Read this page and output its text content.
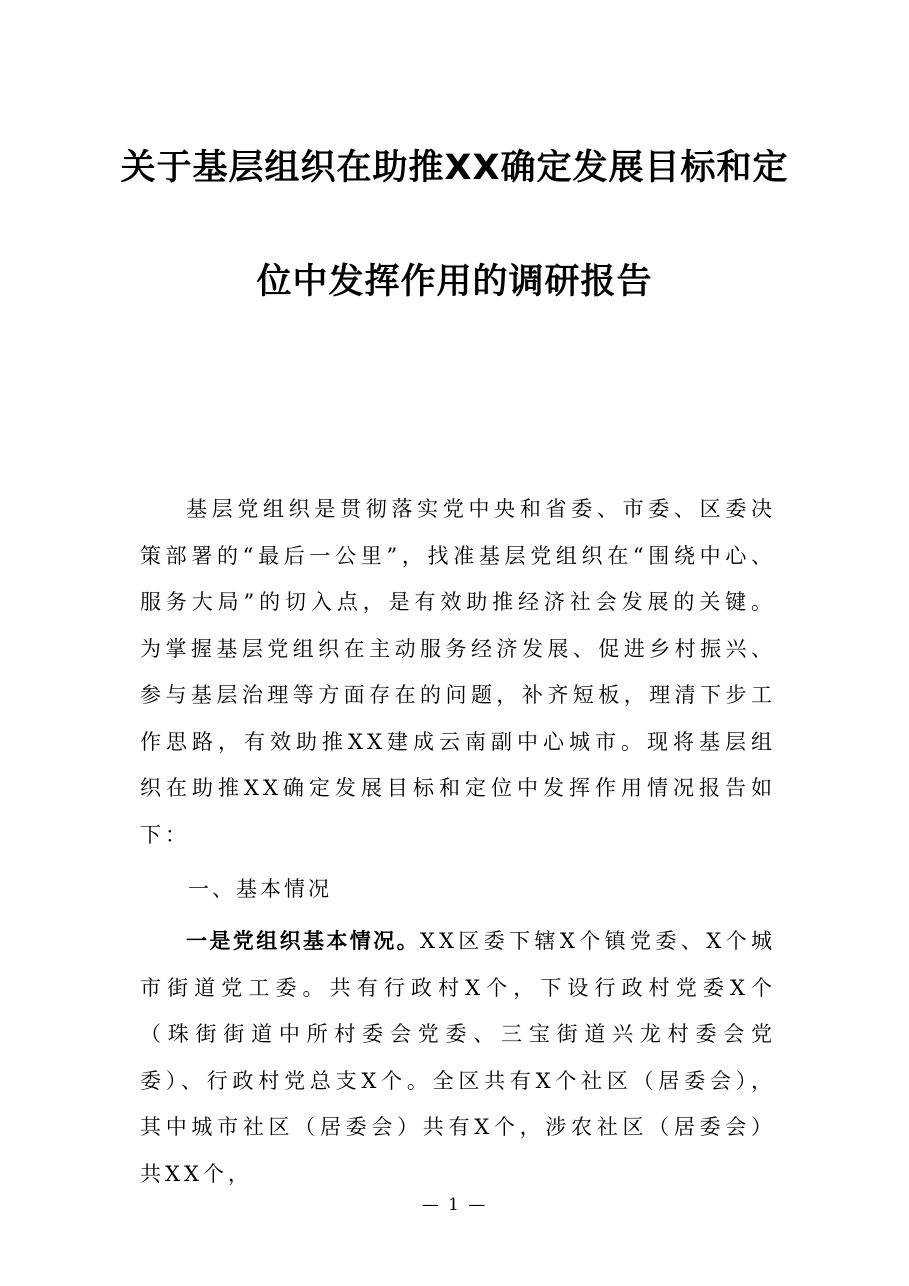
关于基层组织在助推XX确定发展目标和定
位中发挥作用的调研报告

基层党组织是贯彻落实党中央和省委、市委、区委决策部署的“最后一公里”，找准基层党组织在“围绕中心、服务大局”的切入点，是有效助推经济社会发展的关键。为掌握基层党组织在主动服务经济发展、促进乡村振兴、参与基层治理等方面存在的问题，补齐短板，理清下步工作思路，有效助推XX建成云南副中心城市。现将基层组织在助推XX确定发展目标和定位中发挥作用情况报告如下：

一、基本情况

一是党组织基本情况。XX区委下辖X个镇党委、X个城市街道党工委。共有行政村X个，下设行政村党委X个（珠街街道中所村委会党委、三宝街道兴龙村委会党委）、行政村党总支X个。全区共有X个社区（居委会），其中城市社区（居委会）共有X个，涉农社区（居委会）共XX个，

— 1 —
